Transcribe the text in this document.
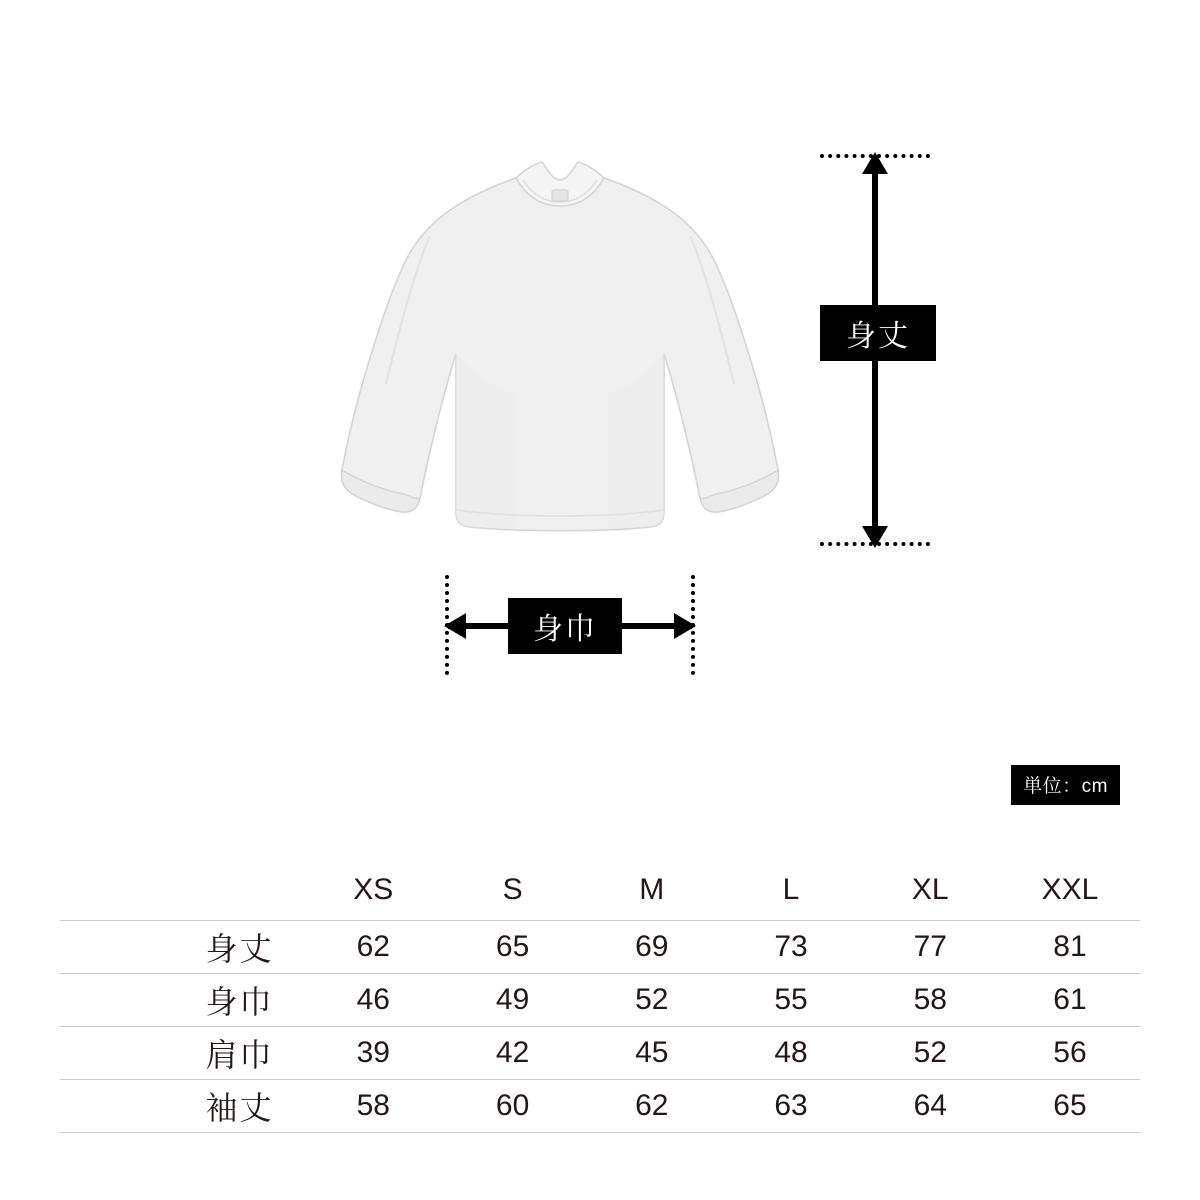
身丈
身巾
単位：cm
	XS	S	M	L	XL	XXL
身丈	62	65	69	73	77	81
身巾	46	49	52	55	58	61
肩巾	39	42	45	48	52	56
袖丈	58	60	62	63	64	65
